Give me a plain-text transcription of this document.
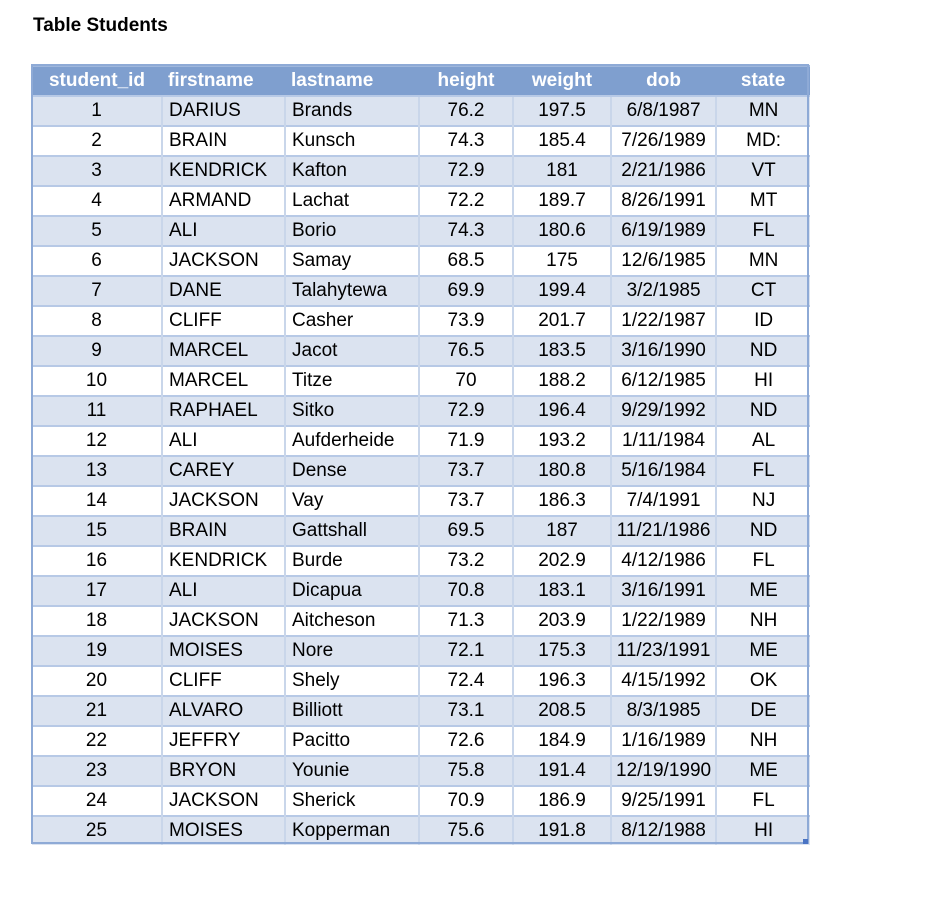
Table Students
student_id	firstname	lastname	height	weight	dob	state
1	DARIUS	Brands	76.2	197.5	6/8/1987	MN
2	BRAIN	Kunsch	74.3	185.4	7/26/1989	MD:
3	KENDRICK	Kafton	72.9	181	2/21/1986	VT
4	ARMAND	Lachat	72.2	189.7	8/26/1991	MT
5	ALI	Borio	74.3	180.6	6/19/1989	FL
6	JACKSON	Samay	68.5	175	12/6/1985	MN
7	DANE	Talahytewa	69.9	199.4	3/2/1985	CT
8	CLIFF	Casher	73.9	201.7	1/22/1987	ID
9	MARCEL	Jacot	76.5	183.5	3/16/1990	ND
10	MARCEL	Titze	70	188.2	6/12/1985	HI
11	RAPHAEL	Sitko	72.9	196.4	9/29/1992	ND
12	ALI	Aufderheide	71.9	193.2	1/11/1984	AL
13	CAREY	Dense	73.7	180.8	5/16/1984	FL
14	JACKSON	Vay	73.7	186.3	7/4/1991	NJ
15	BRAIN	Gattshall	69.5	187	11/21/1986	ND
16	KENDRICK	Burde	73.2	202.9	4/12/1986	FL
17	ALI	Dicapua	70.8	183.1	3/16/1991	ME
18	JACKSON	Aitcheson	71.3	203.9	1/22/1989	NH
19	MOISES	Nore	72.1	175.3	11/23/1991	ME
20	CLIFF	Shely	72.4	196.3	4/15/1992	OK
21	ALVARO	Billiott	73.1	208.5	8/3/1985	DE
22	JEFFRY	Pacitto	72.6	184.9	1/16/1989	NH
23	BRYON	Younie	75.8	191.4	12/19/1990	ME
24	JACKSON	Sherick	70.9	186.9	9/25/1991	FL
25	MOISES	Kopperman	75.6	191.8	8/12/1988	HI
